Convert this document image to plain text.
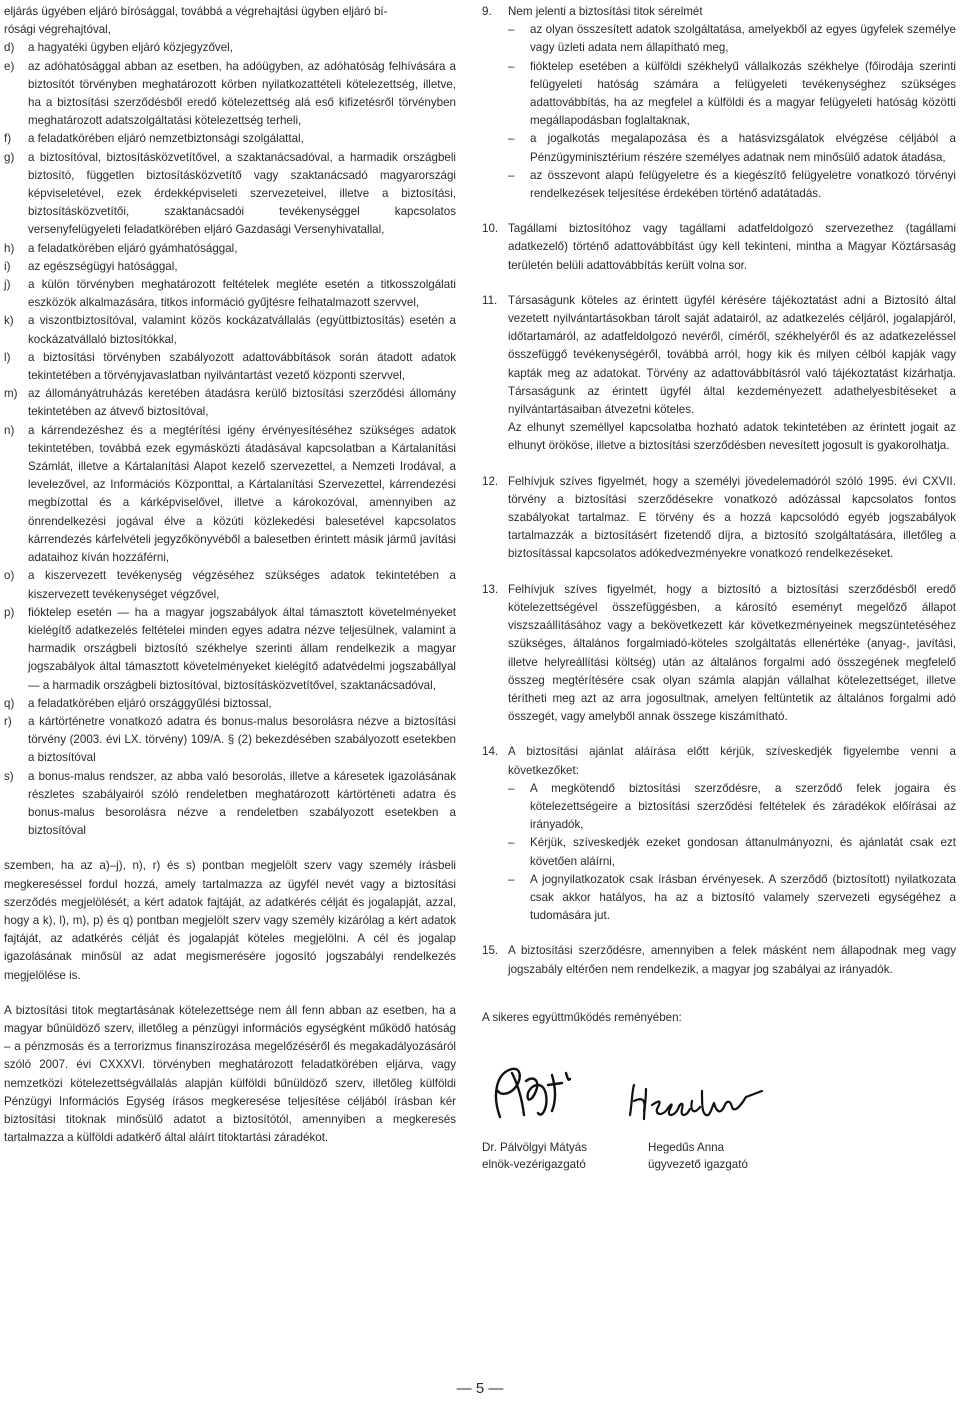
eljárás ügyében eljáró bírósággal, továbbá a végrehajtási ügyben eljáró bí-
rósági végrehajtóval,
d)	a hagyatéki ügyben eljáró közjegyzővel,
e)	az adóhatósággal abban az esetben, ha adóügyben, az adóhatóság felhívására a biztosítót törvényben meghatározott körben nyilatkozattételi kötelezettség, illetve, ha a biztosítási szerződésből eredő kötelezettség alá eső kifizetésről törvényben meghatározott adatszolgáltatási kötelezettség terheli,
f)	a feladatkörében eljáró nemzetbiztonsági szolgálattal,
g)	a biztosítóval, biztosításközvetítővel, a szaktanácsadóval, a harmadik országbeli biztosító, független biztosításközvetítő vagy szaktanácsadó magyarországi képviseletével, ezek érdekképviseleti szervezeteivel, illetve a biztosítási, biztosításközvetítői, szaktanácsadói tevékenységgel kapcsolatos versenyfelügyeleti feladatkörében eljáró Gazdasági Versenyhivatallal,
h)	a feladatkörében eljáró gyámhatósággal,
i)	az egészségügyi hatósággal,
j)	a külön törvényben meghatározott feltételek megléte esetén a titkosszolgálati eszközök alkalmazására, titkos információ gyűjtésre felhatalmazott szervvel,
k)	a viszontbiztosítóval, valamint közös kockázatvállalás (együttbiztosítás) esetén a kockázatvállaló biztosítókkal,
l)	a biztosítási törvényben szabályozott adattovábbítások során átadott adatok tekintetében a törvényjavaslatban nyilvántartást vezető központi szervvel,
m) az állományátruházás keretében átadásra kerülő biztosítási szerződési állomány tekintetében az átvevő biztosítóval,
n)	a kárrendezéshez és a megtérítési igény érvényesítéséhez szükséges adatok tekintetében, továbbá ezek egymásközti átadásával kapcsolatban a Kártalanítási Számlát, illetve a Kártalanítási Alapot kezelő szervezettel, a Nemzeti Irodával, a levelezővel, az Információs Központtal, a Kártalanítási Szervezettel, kárrendezési megbízottal és a kárképviselővel, illetve a károkozóval, amennyiben az önrendelkezési jogával élve a közúti közlekedési balesetével kapcsolatos kárrendezés kárfelvételi jegyzőkönyvéből a balesetben érintett másik jármű javítási adataihoz kíván hozzáférni,
o)	a kiszervezett tevékenység végzéséhez szükséges adatok tekintetében a kiszervezett tevékenységet végzővel,
p)	fióktelep esetén — ha a magyar jogszabályok által támasztott követelményeket kielégítő adatkezelés feltételei minden egyes adatra nézve teljesülnek, valamint a harmadik országbeli biztosító székhelye szerinti állam rendelkezik a magyar jogszabályok által támasztott követelményeket kielégítő adatvédelmi jogszabállyal — a harmadik országbeli biztosítóval, biztosításközvetítővel, szaktanácsadóval,
q)	a feladatkörében eljáró országgyűlési biztossal,
r)	a kártörténetre vonatkozó adatra és bonus-malus besorolásra nézve a biztosítási törvény (2003. évi LX. törvény) 109/A. § (2) bekezdésében szabályozott esetekben a biztosítóval
s)	a bonus-malus rendszer, az abba való besorolás, illetve a káresetek igazolásának részletes szabályairól szóló rendeletben meghatározott kártörténeti adatra és bonus-malus besorolásra nézve a rendeletben szabályozott esetekben a biztosítóval
szemben, ha az a)–j), n), r) és s) pontban megjelölt szerv vagy személy írásbeli megkereséssel fordul hozzá, amely tartalmazza az ügyfél nevét vagy a biztosítási szerződés megjelölését, a kért adatok fajtáját, az adatkérés célját és jogalapját, azzal, hogy a k), l), m), p) és q) pontban megjelölt szerv vagy személy kizárólag a kért adatok fajtáját, az adatkérés célját és jogalapját köteles megjelölni. A cél és jogalap igazolásának minősül az adat megismerésére jogosító jogszabályi rendelkezés megjelölése is.
A biztosítási titok megtartásának kötelezettsége nem áll fenn abban az esetben, ha a magyar bűnüldöző szerv, illetőleg a pénzügyi információs egységként működő hatóság – a pénzmosás és a terrorizmus finanszírozása megelőzéséről és megakadályozásáról szóló 2007. évi CXXXVI. törvényben meghatározott feladatkörében eljárva, vagy nemzetközi kötelezettségvállalás alapján külföldi bűnüldöző szerv, illetőleg külföldi Pénzügyi Információs Egység írásos megkeresése teljesítése céljából írásban kér biztosítási titoknak minősülő adatot a biztosítótól, amennyiben a megkeresés tartalmazza a külföldi adatkérő által aláírt titoktartási záradékot.
9.	Nem jelenti a biztosítási titok sérelmét
–	az olyan összesített adatok szolgáltatása, amelyekből az egyes ügyfelek személye vagy üzleti adata nem állapítható meg,
–	fióktelep esetében a külföldi székhelyű vállalkozás székhelye (főirodája szerinti felügyeleti hatóság számára a felügyeleti tevékenységhez szükséges adattovábbítás, ha az megfelel a külföldi és a magyar felügyeleti hatóság közötti megállapodásban foglaltaknak,
–	a jogalkotás megalapozása és a hatásvizsgálatok elvégzése céljából a Pénzügyminisztérium részére személyes adatnak nem minősülő adatok átadása,
–	az összevont alapú felügyeletre és a kiegészítő felügyeletre vonatkozó törvényi rendelkezések teljesítése érdekében történő adatátadás.
10. Tagállami biztosítóhoz vagy tagállami adatfeldolgozó szervezethez (tagállami adatkezelő) történő adattovábbítást úgy kell tekinteni, mintha a Magyar Köztársaság területén belüli adattovábbítás került volna sor.
11. Társaságunk köteles az érintett ügyfél kérésére tájékoztatást adni a Biztosító által vezetett nyilvántartásokban tárolt saját adatairól, az adatkezelés céljáról, jogalapjáról, időtartamáról, az adatfeldolgozó nevéről, címéről, székhelyéről és az adatkezeléssel összefüggő tevékenységéről, továbbá arról, hogy kik és milyen célból kapják vagy kapták meg az adatokat. Törvény az adattovábbításról való tájékoztatást kizárhatja. Társaságunk az érintett ügyfél által kezdeményezett adathelyesbítéseket a nyilvántartásaiban átvezetni köteles.
Az elhunyt személlyel kapcsolatba hozható adatok tekintetében az érintett jogait az elhunyt örököse, illetve a biztosítási szerződésben nevesített jogosult is gyakorolhatja.
12. Felhívjuk szíves figyelmét, hogy a személyi jövedelemadóról szóló 1995. évi CXVII. törvény a biztosítási szerződésekre vonatkozó adózással kapcsolatos fontos szabályokat tartalmaz. E törvény és a hozzá kapcsolódó egyéb jogszabályok tartalmazzák a biztosításért fizetendő díjra, a biztosító szolgáltatására, illetőleg a biztosítással kapcsolatos adókedvezményekre vonatkozó rendelkezéseket.
13. Felhívjuk szíves figyelmét, hogy a biztosító a biztosítási szerződésből eredő kötelezettségével összefüggésben, a károsító eseményt megelőző állapot viszszaállításához vagy a bekövetkezett kár következményeinek megszüntetéséhez szükséges, általános forgalmiadó-köteles szolgáltatás ellenértéke (anyag-, javítási, illetve helyreállítási költség) után az általános forgalmi adó összegének megfelelő összeg megtérítésére csak olyan számla alapján vállalhat kötelezettséget, illetve térítheti meg azt az arra jogosultnak, amelyen feltüntetik az általános forgalmi adó összegét, vagy amelyből annak összege kiszámítható.
14. A biztosítási ajánlat aláírása előtt kérjük, szíveskedjék figyelembe venni a következőket:
–	A megkötendő biztosítási szerződésre, a szerződő felek jogaira és kötelezettségeire a biztosítási szerződési feltételek és záradékok előírásai az irányadók,
–	Kérjük, szíveskedjék ezeket gondosan áttanulmányozni, és ajánlatát csak ezt követően aláírni,
–	A jognyilatkozatok csak írásban érvényesek. A szerződő (biztosított) nyilatkozata csak akkor hatályos, ha az a biztosító valamely szervezeti egységéhez a tudomására jut.
15. A biztosítási szerződésre, amennyiben a felek másként nem állapodnak meg vagy jogszabály eltérően nem rendelkezik, a magyar jog szabályai az irányadók.
A sikeres együttműködés reményében:
Dr. Pálvölgyi Mátyás
elnök-vezérigazgató
Hegedűs Anna
ügyvezető igazgató
— 5 —
